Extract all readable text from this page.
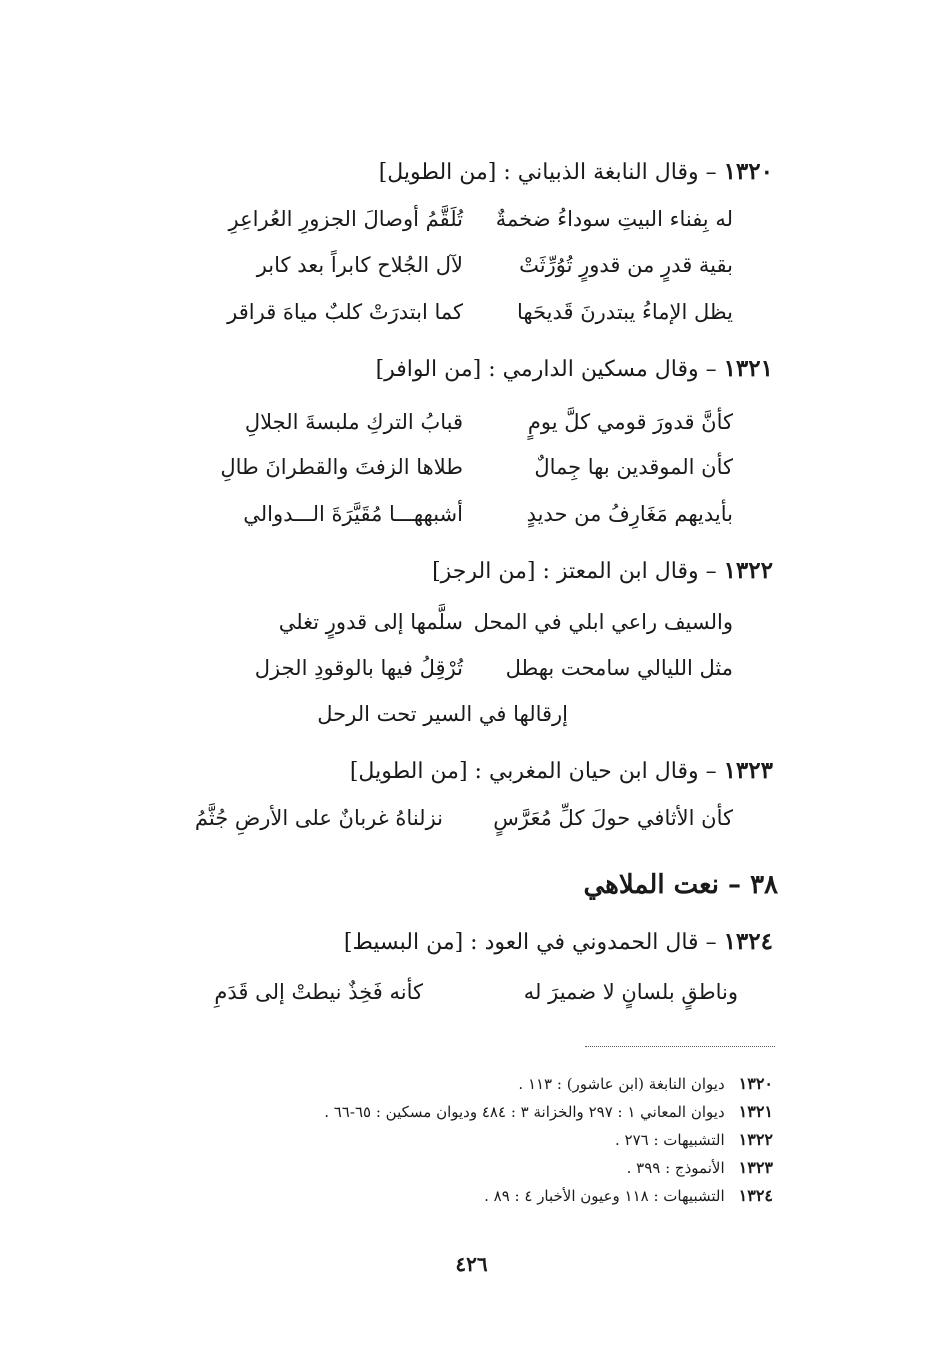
١٣٢٠ – وقال النابغة الذبياني : [من الطويل]
له بِفناء البيتِ سوداءُ ضخمةٌ
تُلَقَّمُ أوصالَ الجزورِ العُراعِرِ
بقية قدرٍ من قدورٍ تُوُرِّثَتْ
لآل الجُلاح كابراً بعد كابر
يظل الإماءُ يبتدرنَ قَديحَها
كما ابتدرَتْ كلبٌ مياهَ قراقر
١٣٢١ – وقال مسكين الدارمي : [من الوافر]
كأنَّ قدورَ قومي كلَّ يومٍ
قبابُ التركِ ملبسةَ الجلالِ
كأن الموقدين بها جِمالٌ
طلاها الزفتَ والقطرانَ طالِ
بأيديهم مَغَارِفُ من حديدٍ
أشبههـــا مُقَيَّرَةَ الـــدوالي
١٣٢٢ – وقال ابن المعتز : [من الرجز]
والسيف راعي ابلي في المحل
سلَّمها إلى قدورٍ تغلي
مثل الليالي سامحت بهطل
تُرْقِلُ فيها بالوقودِ الجزل
إرقالها في السير تحت الرحل
١٣٢٣ – وقال ابن حيان المغربي : [من الطويل]
كأن الأثافي حولَ كلِّ مُعَرَّسٍ
نزلناهُ غربانٌ على الأرضِ جُثَّمُ
٣٨ – نعت الملاهي
١٣٢٤ – قال الحمدوني في العود : [من البسيط]
وناطقٍ بلسانٍ لا ضميرَ له
كأنه فَخِذٌ نيطتْ إلى قَدَمِ
١٣٢٠ديوان النابغة (ابن عاشور) : ١١٣ .
١٣٢١ديوان المعاني ١ : ٢٩٧ والخزانة ٣ : ٤٨٤ وديوان مسكين : ٦٥-٦٦ .
١٣٢٢التشبيهات : ٢٧٦ .
١٣٢٣الأنموذج : ٣٩٩ .
١٣٢٤التشبيهات : ١١٨ وعيون الأخبار ٤ : ٨٩ .
٤٢٦
